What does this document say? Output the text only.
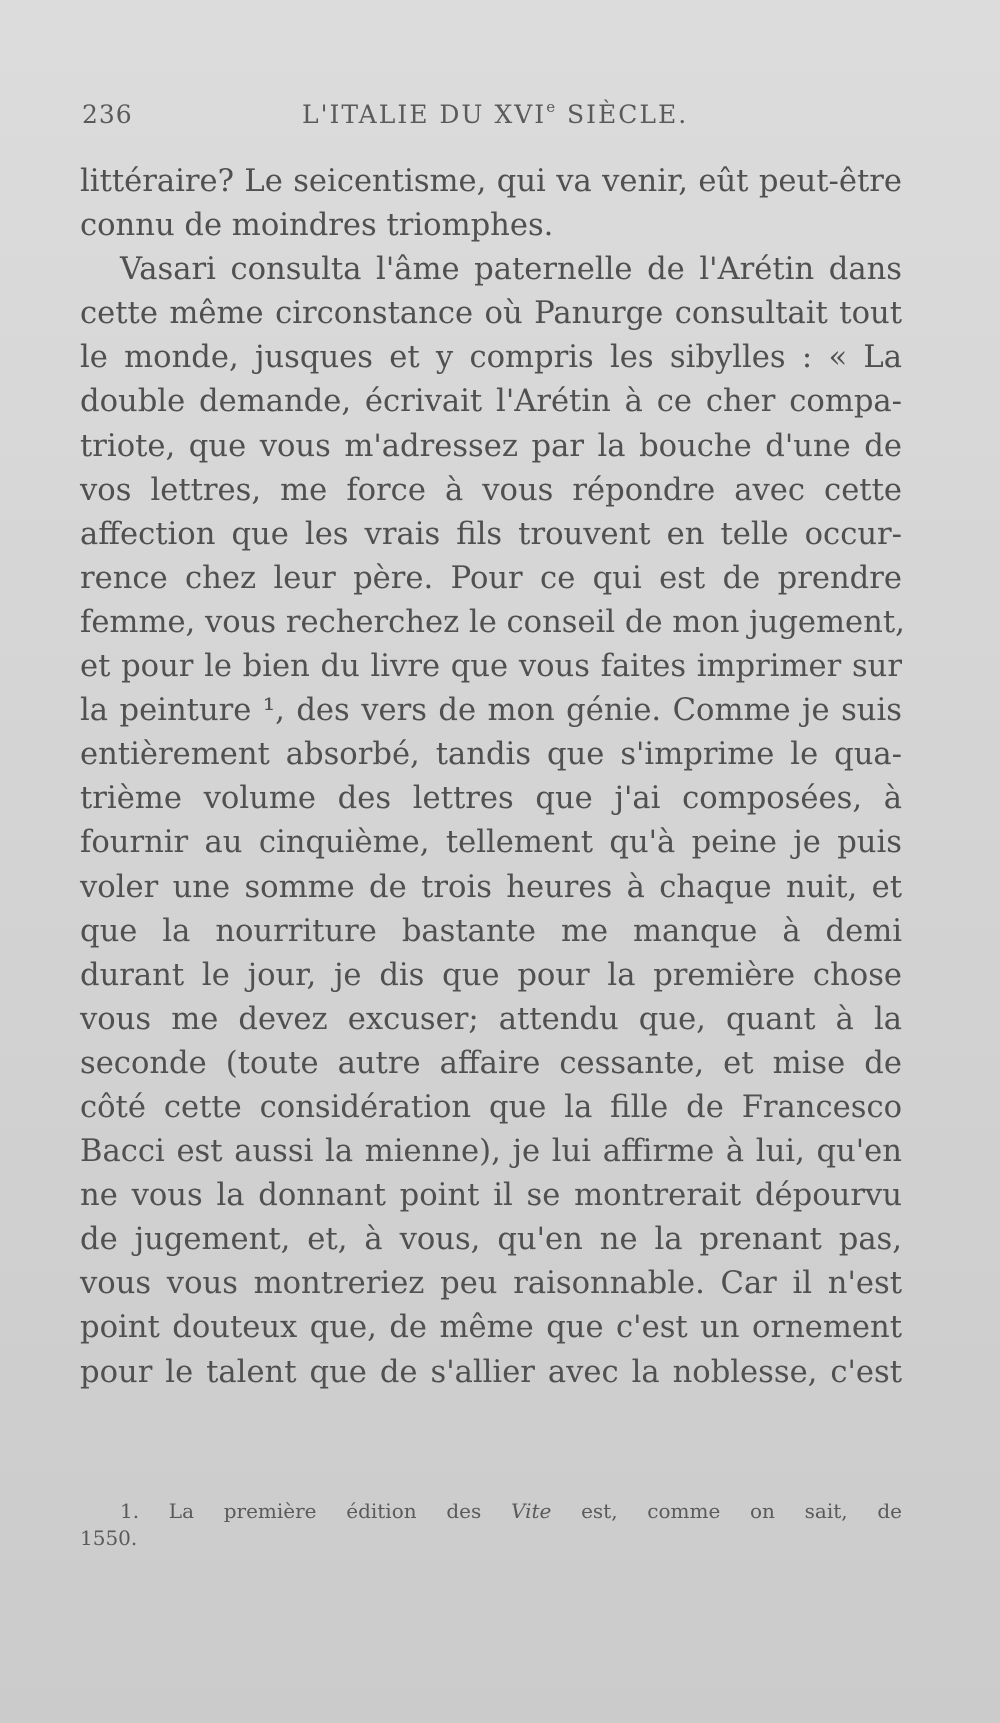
236	L'ITALIE DU XVIe SIÈCLE.
littéraire? Le seicentisme, qui va venir, eût peut-être
connu de moindres triomphes.
Vasari consulta l'âme paternelle de l'Arétin dans
cette même circonstance où Panurge consultait tout
le monde, jusques et y compris les sibylles : « La
double demande, écrivait l'Arétin à ce cher compa-
triote, que vous m'adressez par la bouche d'une de
vos lettres, me force à vous répondre avec cette
affection que les vrais fils trouvent en telle occur-
rence chez leur père. Pour ce qui est de prendre
femme, vous recherchez le conseil de mon jugement,
et pour le bien du livre que vous faites imprimer sur
la peinture ¹, des vers de mon génie. Comme je suis
entièrement absorbé, tandis que s'imprime le qua-
trième volume des lettres que j'ai composées, à
fournir au cinquième, tellement qu'à peine je puis
voler une somme de trois heures à chaque nuit, et
que la nourriture bastante me manque à demi
durant le jour, je dis que pour la première chose
vous me devez excuser; attendu que, quant à la
seconde (toute autre affaire cessante, et mise de
côté cette considération que la fille de Francesco
Bacci est aussi la mienne), je lui affirme à lui, qu'en
ne vous la donnant point il se montrerait dépourvu
de jugement, et, à vous, qu'en ne la prenant pas,
vous vous montreriez peu raisonnable. Car il n'est
point douteux que, de même que c'est un ornement
pour le talent que de s'allier avec la noblesse, c'est
1. La première édition des Vite est, comme on sait, de
1550.
